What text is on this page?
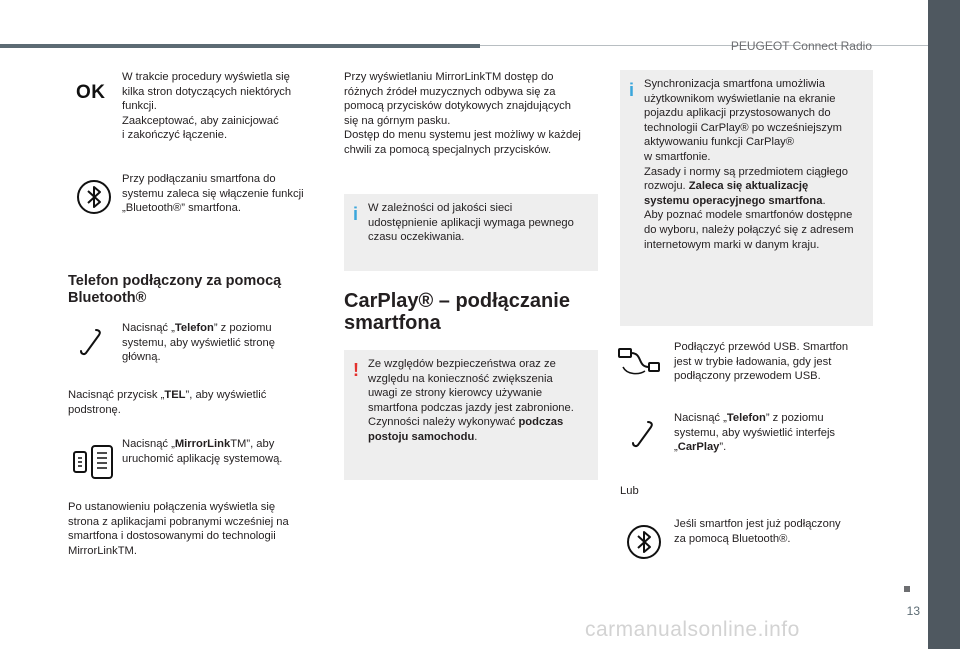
PEUGEOT Connect Radio
13
OK
W trakcie procedury wyświetla się
kilka stron dotyczących niektórych
funkcji.
Zaakceptować, aby zainicjować
i zakończyć łączenie.
Przy podłączaniu smartfona do
systemu zaleca się włączenie funkcji
„Bluetooth®” smartfona.
Telefon podłączony za pomocą
Bluetooth®
Nacisnąć „Telefon” z poziomu
systemu, aby wyświetlić stronę
główną.
Nacisnąć przycisk „TEL”, aby wyświetlić
podstronę.
Nacisnąć „MirrorLinkTM”, aby
uruchomić aplikację systemową.
Po ustanowieniu połączenia wyświetla się
strona z aplikacjami pobranymi wcześniej na
smartfona i dostosowanymi do technologii
MirrorLinkTM.
Przy wyświetlaniu MirrorLinkTM dostęp do
różnych źródeł muzycznych odbywa się za
pomocą przycisków dotykowych znajdujących
się na górnym pasku.
Dostęp do menu systemu jest możliwy w każdej
chwili za pomocą specjalnych przycisków.
i W zależności od jakości sieci
udostępnienie aplikacji wymaga pewnego
czasu oczekiwania.
CarPlay® – podłączanie
smartfona
! Ze względów bezpieczeństwa oraz ze
względu na konieczność zwiększenia
uwagi ze strony kierowcy używanie
smartfona podczas jazdy jest zabronione.
Czynności należy wykonywać podczas
postoju samochodu.
i Synchronizacja smartfona umożliwia
użytkownikom wyświetlanie na ekranie
pojazdu aplikacji przystosowanych do
technologii CarPlay® po wcześniejszym
aktywowaniu funkcji CarPlay®
w smartfonie.
Zasady i normy są przedmiotem ciągłego
rozwoju. Zaleca się aktualizację
systemu operacyjnego smartfona.
Aby poznać modele smartfonów dostępne
do wyboru, należy połączyć się z adresem
internetowym marki w danym kraju.
Podłączyć przewód USB. Smartfon
jest w trybie ładowania, gdy jest
podłączony przewodem USB.
Nacisnąć „Telefon” z poziomu
systemu, aby wyświetlić interfejs
„CarPlay”.
Lub
Jeśli smartfon jest już podłączony
za pomocą Bluetooth®.
carmanualsonline.info
